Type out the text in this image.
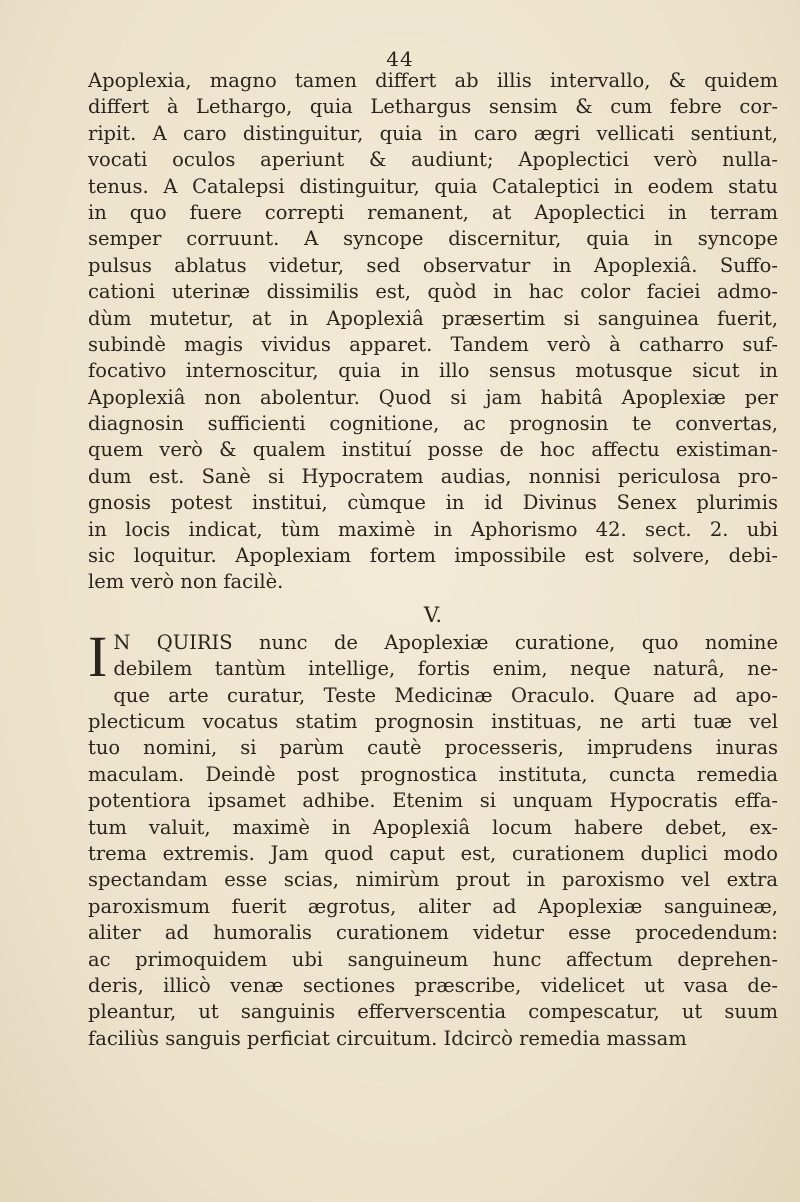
44
Apoplexia, magno tamen differt ab illis intervallo, & quidem
differt à Lethargo, quia Lethargus sensim & cum febre cor-
ripit. A caro distinguitur, quia in caro ægri vellicati sentiunt,
vocati oculos aperiunt & audiunt; Apoplectici verò nulla-
tenus. A Catalepsi distinguitur, quia Cataleptici in eodem statu
in quo fuere correpti remanent, at Apoplectici in terram
semper corruunt. A syncope discernitur, quia in syncope
pulsus ablatus videtur, sed observatur in Apoplexiâ. Suffo-
cationi uterinæ dissimilis est, quòd in hac color faciei admo-
dùm mutetur, at in Apoplexiâ præsertim si sanguinea fuerit,
subindè magis vividus apparet. Tandem verò à catharro suf-
focativo internoscitur, quia in illo sensus motusque sicut in
Apoplexiâ non abolentur. Quod si jam habitâ Apoplexiæ per
diagnosin sufficienti cognitione, ac prognosin te convertas,
quem verò & qualem instituí posse de hoc affectu existiman-
dum est. Sanè si Hypocratem audias, nonnisi periculosa pro-
gnosis potest institui, cùmque in id Divinus Senex plurimis
in locis indicat, tùm maximè in Aphorismo 42. sect. 2. ubi
sic loquitur. Apoplexiam fortem impossibile est solvere, debi-
lem verò non facilè.
V.
I N QUIRIS nunc de Apoplexiæ curatione, quo nomine
debilem tantùm intellige, fortis enim, neque naturâ, ne-
que arte curatur, Teste Medicinæ Oraculo. Quare ad apo-
plecticum vocatus statim prognosin instituas, ne arti tuæ vel
tuo nomini, si parùm cautè processeris, imprudens inuras
maculam. Deindè post prognostica instituta, cuncta remedia
potentiora ipsamet adhibe. Etenim si unquam Hypocratis effa-
tum valuit, maximè in Apoplexiâ locum habere debet, ex-
trema extremis. Jam quod caput est, curationem duplici modo
spectandam esse scias, nimirùm prout in paroxismo vel extra
paroxismum fuerit ægrotus, aliter ad Apoplexiæ sanguineæ,
aliter ad humoralis curationem videtur esse procedendum:
ac primoquidem ubi sanguineum hunc affectum deprehen-
deris, illicò venæ sectiones præscribe, videlicet ut vasa de-
pleantur, ut sanguinis efferverscentia compescatur, ut suum
faciliùs sanguis perficiat circuitum. Idcircò remedia massam
